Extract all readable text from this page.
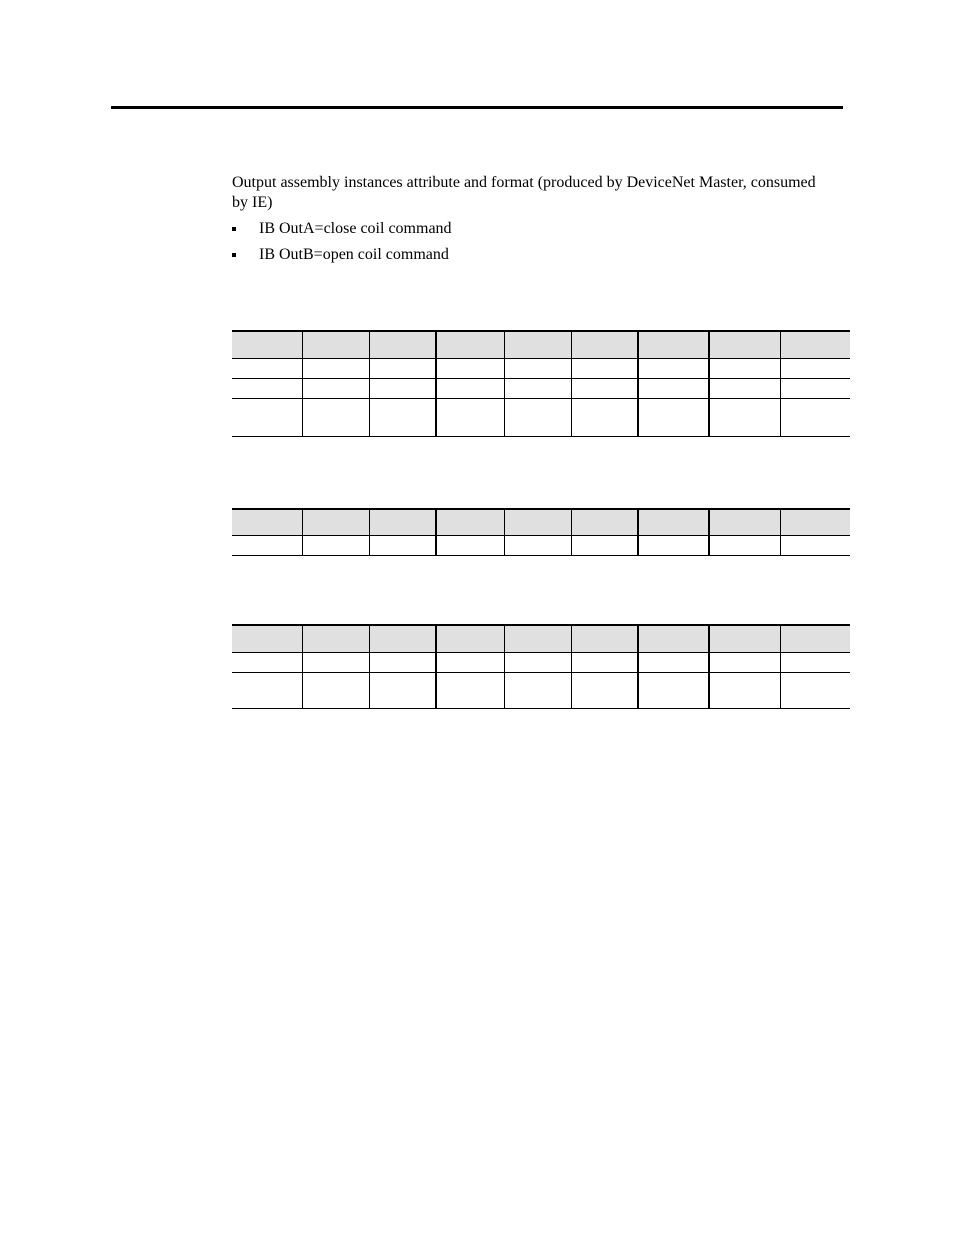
Output assembly instances attribute and format (produced by DeviceNet Master, consumed by IE)

IB OutA=close coil command
IB OutB=open coil command
